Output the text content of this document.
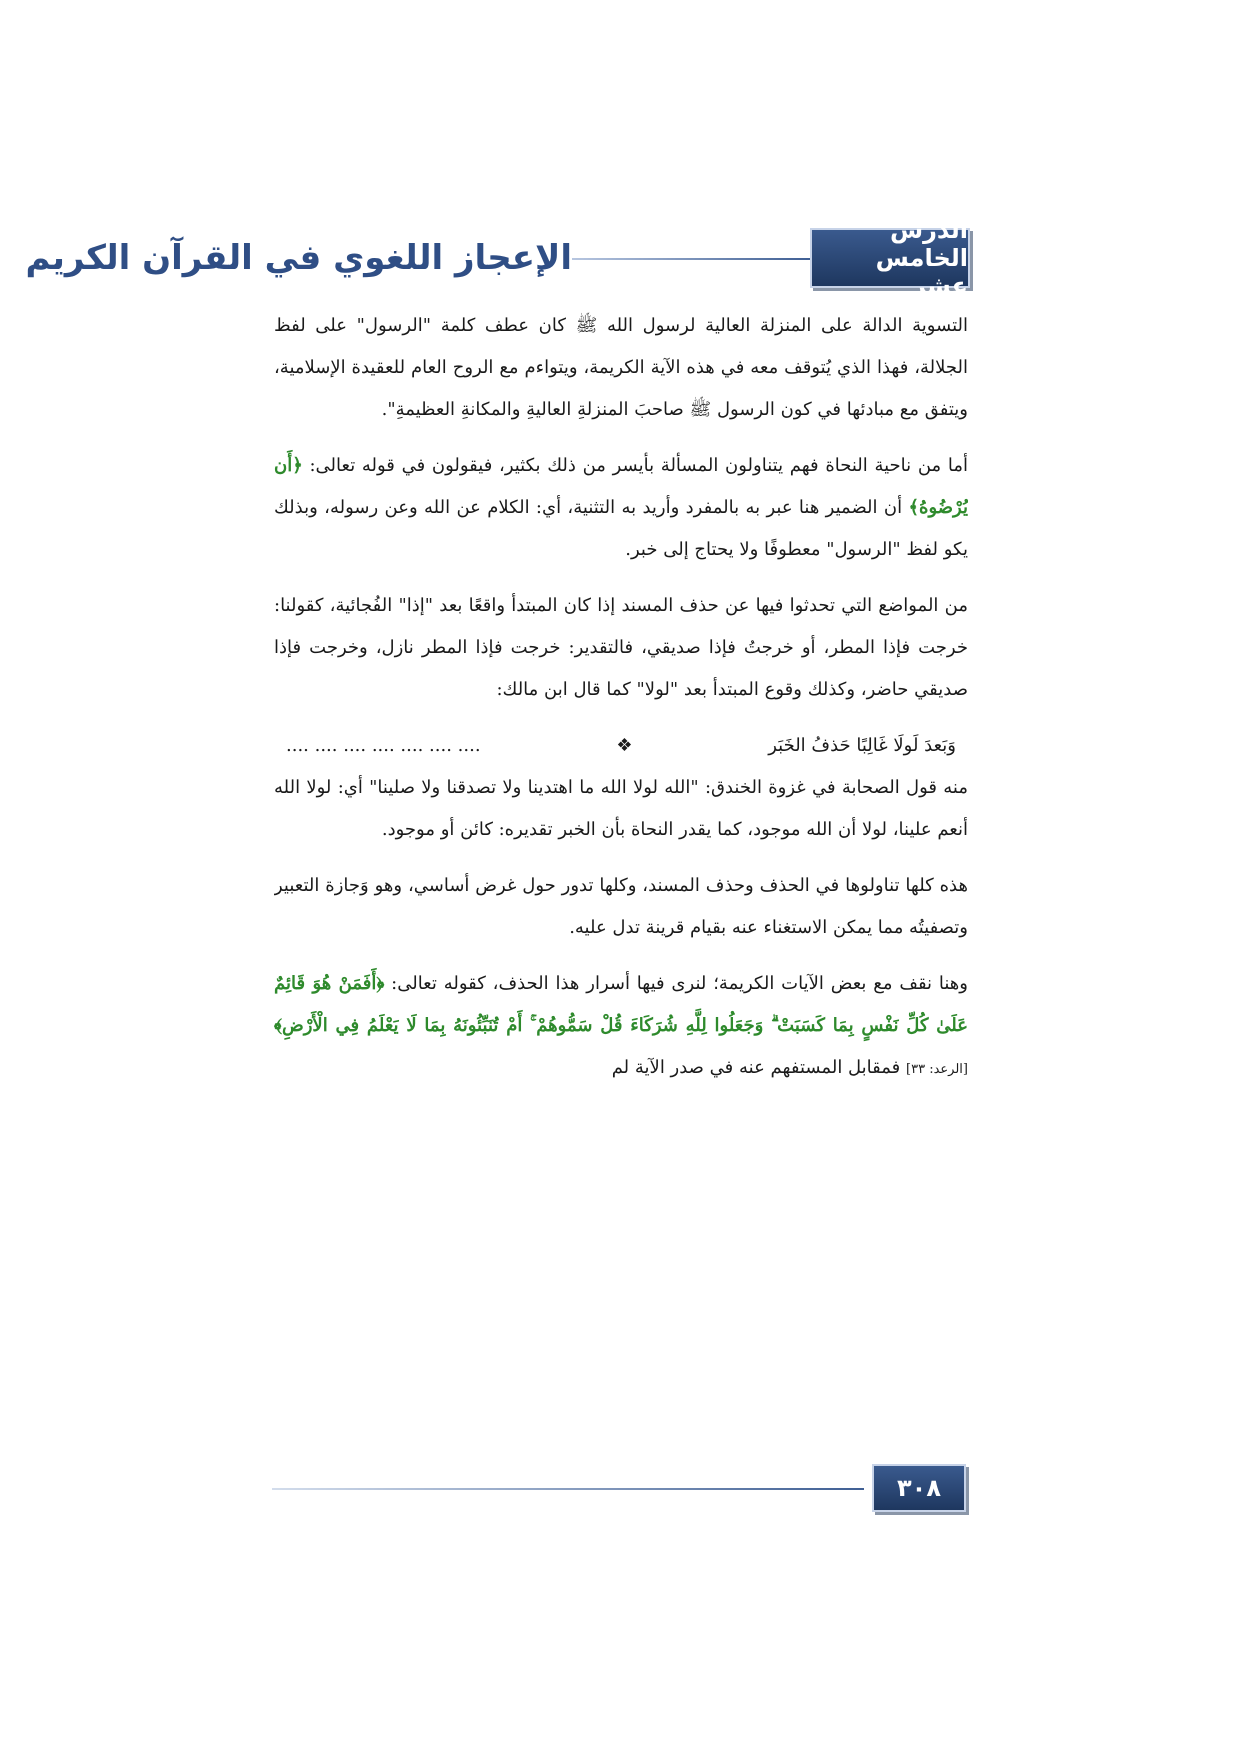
الإعجاز اللغوي في القرآن الكريم
الدرس الخامس عشر

التسوية الدالة على المنزلة العالية لرسول الله ﷺ كان عطف كلمة "الرسول" على لفظ الجلالة، فهذا الذي يُتوقف معه في هذه الآية الكريمة، ويتواءم مع الروح العام للعقيدة الإسلامية، ويتفق مع مبادئها في كون الرسول ﷺ صاحبَ المنزلةِ العاليةِ والمكانةِ العظيمةِ".

أما من ناحية النحاة فهم يتناولون المسألة بأيسر من ذلك بكثير، فيقولون في قوله تعالى: ﴿أَن يُرْضُوهُ﴾ أن الضمير هنا عبر به بالمفرد وأريد به التثنية، أي: الكلام عن الله وعن رسوله، وبذلك يكو لفظ "الرسول" معطوفًا ولا يحتاج إلى خبر.

من المواضع التي تحدثوا فيها عن حذف المسند إذا كان المبتدأ واقعًا بعد "إذا" الفُجائية، كقولنا: خرجت فإذا المطر، أو خرجتُ فإذا صديقي، فالتقدير: خرجت فإذا المطر نازل، وخرجت فإذا صديقي حاضر، وكذلك وقوع المبتدأ بعد "لولا" كما قال ابن مالك:

وَبَعدَ لَولَا غَالِبًا حَذفُ الخَبَر
❖
.... .... .... .... .... .... ....

منه قول الصحابة في غزوة الخندق: "الله لولا الله ما اهتدينا ولا تصدقنا ولا صلينا" أي: لولا الله أنعم علينا، لولا أن الله موجود، كما يقدر النحاة بأن الخبر تقديره: كائن أو موجود.

هذه كلها تناولوها في الحذف وحذف المسند، وكلها تدور حول غرض أساسي، وهو وَجازة التعبير وتصفيتُه مما يمكن الاستغناء عنه بقيام قرينة تدل عليه.

وهنا نقف مع بعض الآيات الكريمة؛ لنرى فيها أسرار هذا الحذف، كقوله تعالى: ﴿أَفَمَنْ هُوَ قَائِمٌ عَلَىٰ كُلِّ نَفْسٍ بِمَا كَسَبَتْ ۗ وَجَعَلُوا لِلَّهِ شُرَكَاءَ قُلْ سَمُّوهُمْ ۚ أَمْ تُنَبِّئُونَهُ بِمَا لَا يَعْلَمُ فِي الْأَرْضِ﴾ [الرعد: ٣٣] فمقابل المستفهم عنه في صدر الآية لم

٣٠٨
